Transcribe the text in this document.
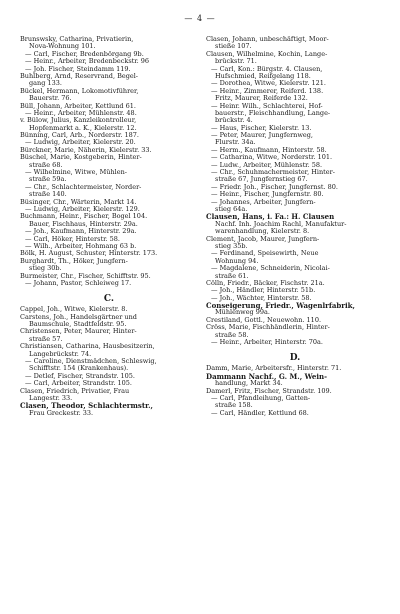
— 4 —
Brunswsky, Catharina, Privatierin,
Nova-Wohnung 101.
— Carl, Fischer, Bredenbörgang 9b.
— Heinr., Arbeiter, Bredenbeckstr. 96
— Joh. Fischer, Steindamm 119.
Buhlberg, Arnd, Reservrand, Begel-
gang 133.
Bückel, Hermann, Lokomotivführer,
Bauerstr. 76.
Büll, Johann, Arbeiter, Kettlund 61.
— Heinr., Arbeiter, Mühlenstr. 48.
v. Bülow, Julius, Kanzleikontrolleur,
Hopfenmarkt a. K., Kielerstr. 12.
Bünning, Carl, Arb., Norderstr. 187.
— Ludwig, Arbeiter, Kielerstr. 20.
Bürckner, Marie, Näherin, Kielerstr. 33.
Büschel, Marie, Kostgeberin, Hinter-
straße 68.
— Wilhelmine, Witwe, Mühlen-
straße 59a.
— Chr., Schlachtermeister, Norder-
straße 140.
Büsinger, Chr., Wärterin, Markt 14.
— Ludwig, Arbeiter, Kielerstr. 129.
Buchmann, Heinr., Fischer, Bogel 104.
Bauer, Fischhaus, Hinterstr. 29a.
— Joh., Kaufmann, Hinterstr. 29a.
— Carl, Höker, Hinterstr. 58.
— Wilh., Arbeiter, Hohmang 63 b.
Bölk, H. August, Schuster, Hinterstr. 173.
Burghardt, Th., Höker, Jungfern-
stieg 30b.
Burmeister, Chr., Fischer, Schifftstr. 95.
— Johann, Pastor, Schleiweg 17.
C.
Cappel, Joh., Witwe, Kielerstr. 8.
Carstens, Joh., Handelsgärtner und
Baumschule, Stadtfeldstr. 95.
Christensen, Peter, Maurer, Hinter-
straße 57.
Christiansen, Catharina, Hausbesitzerin,
Langebrückstr. 74.
— Caroline, Dienstmädchen, Schleswig,
Schifftstr. 154 (Krankenhaus).
— Detlef, Fischer, Strandstr. 105.
— Carl, Arbeiter, Strandstr. 105.
Clasen, Friedrich, Privatier, Frau
Langestr. 33.
Clasen, Theodor, Schlachtermstr.,
Frau Greckestr. 33.
Clasen, Johann, unbeschäftigt, Moor-
stieße 107.
Clausen, Wilhelmine, Kochin, Lange-
brückstr. 71.
— Carl, Kon.: Bürgstr. 4. Clausen,
Hufschmied, Reifgelang 118.
— Dorothea, Witwe, Kielerstr. 121.
— Heinr., Zimmerer, Reiferd. 138.
Fritz, Maurer, Reiferde 132.
— Heinr. Wilh., Schlachterei, Hof-
bauerstr., Fleischhandlung, Lange-
brückstr. 4.
— Haus, Fischer, Kielerstr. 13.
— Peter, Maurer, Jungfernweg,
Flurstr. 34a.
— Herm., Kaufmann, Hinterstr. 58.
— Catharina, Witwe, Norderstr. 101.
— Ludw., Arbeiter, Mühlenstr. 58.
— Chr., Schuhmachermeister, Hinter-
straße 67, Jungfernstieg 67.
— Friedr. Joh., Fischer, Jungfernst. 80.
— Heinr., Fischer, Jungfernstr. 80.
— Johannes, Arbeiter, Jungfern-
stieg 64a.
Clausen, Hans, i. Fa.: H. Clausen
Nachf. Inh. Joachim Rachl, Manufaktur-
warenhandlung, Kielerstr. 8.
Clement, Jacob, Maurer, Jungfern-
stieg 35b.
— Ferdinand, Speisewirth, Neue
Wohnung 94.
— Magdalene, Schneiderin, Nicolai-
straße 61.
Cölln, Friedr., Bäcker, Fischstr. 21a.
— Joh., Händler, Hinterstr. 51b.
— Joh., Wächter, Hinterstr. 58.
Conseigerung, Friedr., Wagenlrfabrik,
Mühlenweg 99a.
Crestiland, Gottl., Neuewohn. 110.
Cröss, Marie, Fischhändlerin, Hinter-
straße 58.
— Heinr., Arbeiter, Hinterstr. 70a.
D.
Damm, Marie, Arbeitersfr., Hinterstr. 71.
Dammann Nachf., G. M., Wein-
handlung, Markt 34.
Damerl, Fritz, Fischer, Strandstr. 109.
— Carl, Pfandleihung, Gatten-
straße 158.
— Carl, Händler, Kettlund 68.
